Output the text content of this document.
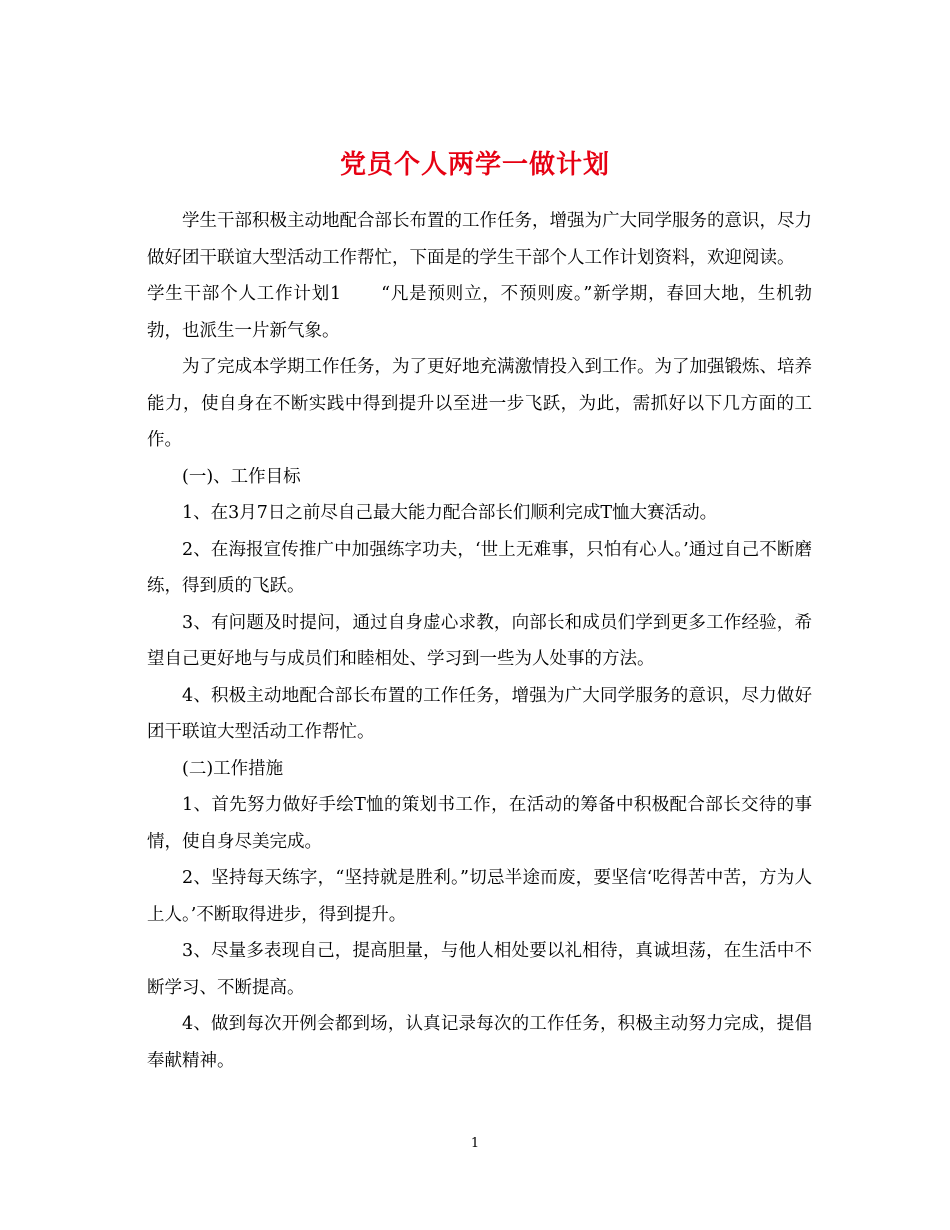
党员个人两学一做计划

学生干部积极主动地配合部长布置的工作任务，增强为广大同学服务的意识，尽力做好团干联谊大型活动工作帮忙，下面是的学生干部个人工作计划资料，欢迎阅读。

学生干部个人工作计划1 “凡是预则立，不预则废。”新学期，春回大地，生机勃勃，也派生一片新气象。

为了完成本学期工作任务，为了更好地充满激情投入到工作。为了加强锻炼、培养能力，使自身在不断实践中得到提升以至进一步飞跃，为此，需抓好以下几方面的工作。

(一)、工作目标

1、在3月7日之前尽自己最大能力配合部长们顺利完成T恤大赛活动。

2、在海报宣传推广中加强练字功夫，‘世上无难事，只怕有心人。’通过自己不断磨练，得到质的飞跃。

3、有问题及时提问，通过自身虚心求教，向部长和成员们学到更多工作经验，希望自己更好地与与成员们和睦相处、学习到一些为人处事的方法。

4、积极主动地配合部长布置的工作任务，增强为广大同学服务的意识，尽力做好团干联谊大型活动工作帮忙。

(二)工作措施

1、首先努力做好手绘T恤的策划书工作，在活动的筹备中积极配合部长交待的事情，使自身尽美完成。

2、坚持每天练字，“坚持就是胜利。”切忌半途而废，要坚信‘吃得苦中苦，方为人上人。’不断取得进步，得到提升。

3、尽量多表现自己，提高胆量，与他人相处要以礼相待，真诚坦荡，在生活中不断学习、不断提高。

4、做到每次开例会都到场，认真记录每次的工作任务，积极主动努力完成，提倡奉献精神。

1
